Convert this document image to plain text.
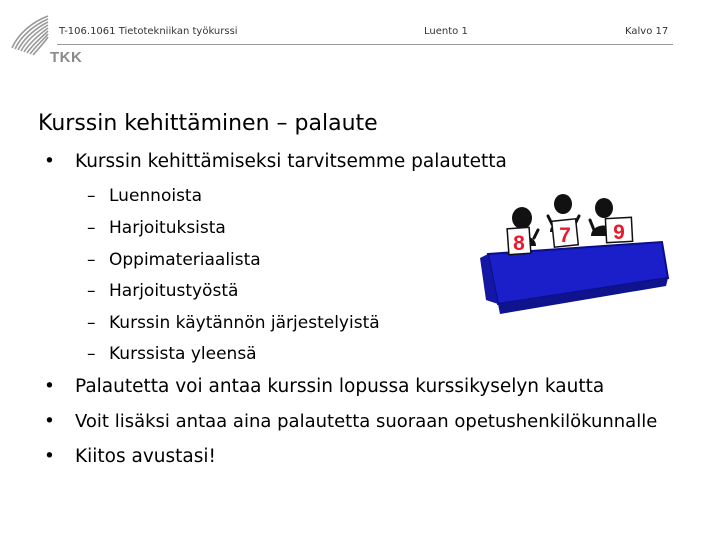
TKK
T-106.1061 Tietotekniikan työkurssi	Luento 1	Kalvo 17
Kurssin kehittäminen – palaute
• Kurssin kehittämiseksi tarvitsemme palautetta
– Luennoista
– Harjoituksista
– Oppimateriaalista
– Harjoitustyöstä
– Kurssin käytännön järjestelyistä
– Kurssista yleensä
• Palautetta voi antaa kurssin lopussa kurssikyselyn kautta
• Voit lisäksi antaa aina palautetta suoraan opetushenkilökunnalle
• Kiitos avustasi!
8 7 9
